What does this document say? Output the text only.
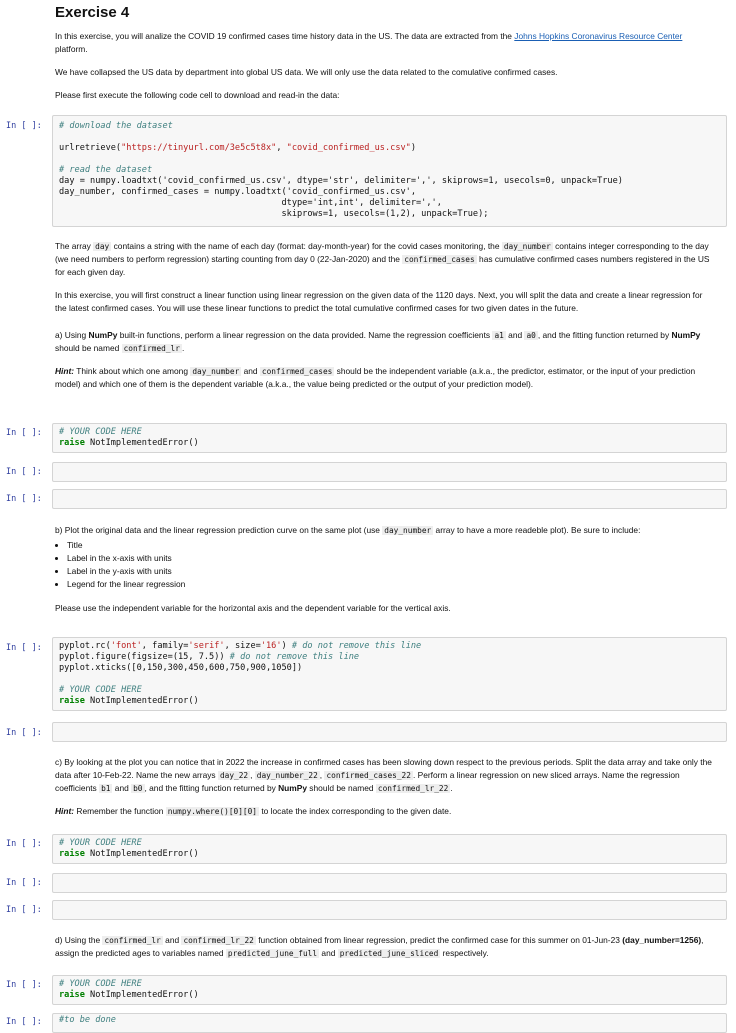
Exercise 4

In this exercise, you will analize the COVID 19 confirmed cases time history data in the US. The data are extracted from the Johns Hopkins Coronavirus Resource Center platform.

We have collapsed the US data by department into global US data. We will only use the data related to the comulative confirmed cases.

Please first execute the following code cell to download and read-in the data:

In [ ]:	# download the dataset

urlretrieve("https://tinyurl.com/3e5c5t8x", "covid_confirmed_us.csv")

# read the dataset
day = numpy.loadtxt('covid_confirmed_us.csv', dtype='str', delimiter=',', skiprows=1, usecols=0, unpack=True)
day_number, confirmed_cases = numpy.loadtxt('covid_confirmed_us.csv',
dtype='int,int', delimiter=',',
skiprows=1, usecols=(1,2), unpack=True);

The array day contains a string with the name of each day (format: day-month-year) for the covid cases monitoring, the day_number contains integer corresponding to the day (we need numbers to perform regression) starting counting from day 0 (22-Jan-2020) and the confirmed_cases has cumulative confirmed cases numbers registered in the US for each given day.

In this exercise, you will first construct a linear function using linear regression on the given data of the 1120 days. Next, you will split the data and create a linear regression for the latest confirmed cases. You will use these linear functions to predict the total cumulative confirmed cases for two given dates in the future.

a) Using NumPy built-in functions, perform a linear regression on the data provided. Name the regression coefficients a1 and a0 , and the fitting function returned by NumPy should be named confirmed_lr .

Hint: Think about which one among day_number and confirmed_cases should be the independent variable (a.k.a., the predictor, estimator, or the input of your prediction model) and which one of them is the dependent variable (a.k.a., the value being predicted or the output of your prediction model).

In [ ]:	# YOUR CODE HERE
raise NotImplementedError()
In [ ]:
In [ ]:

b) Plot the original data and the linear regression prediction curve on the same plot (use day_number array to have a more readeble plot). Be sure to include:

• Title
• Label in the x-axis with units
• Label in the y-axis with units
• Legend for the linear regression

Please use the independent variable for the horizontal axis and the dependent variable for the vertical axis.

In [ ]:	pyplot.rc('font', family='serif', size='16') # do not remove this line
pyplot.figure(figsize=(15, 7.5)) # do not remove this line
pyplot.xticks([0,150,300,450,600,750,900,1050])

# YOUR CODE HERE
raise NotImplementedError()
In [ ]:

c) By looking at the plot you can notice that in 2022 the increase in confirmed cases has been slowing down respect to the previous periods. Split the data array and take only the data after 10-Feb-22. Name the new arrays day_22 , day_number_22 , confirmed_cases_22 . Perform a linear regression on new sliced arrays. Name the regression coefficients b1 and b0 , and the fitting function returned by NumPy should be named confirmed_lr_22 .

Hint: Remember the function numpy.where()[0][0] to locate the index corresponding to the given date.

In [ ]:	# YOUR CODE HERE
raise NotImplementedError()
In [ ]:
In [ ]:

d) Using the confirmed_lr and confirmed_lr_22 function obtained from linear regression, predict the confirmed case for this summer on 01-Jun-23 (day_number=1256), assign the predicted ages to variables named predicted_june_full and predicted_june_sliced respectively.

In [ ]:	# YOUR CODE HERE
raise NotImplementedError()
In [ ]:	#to be done
